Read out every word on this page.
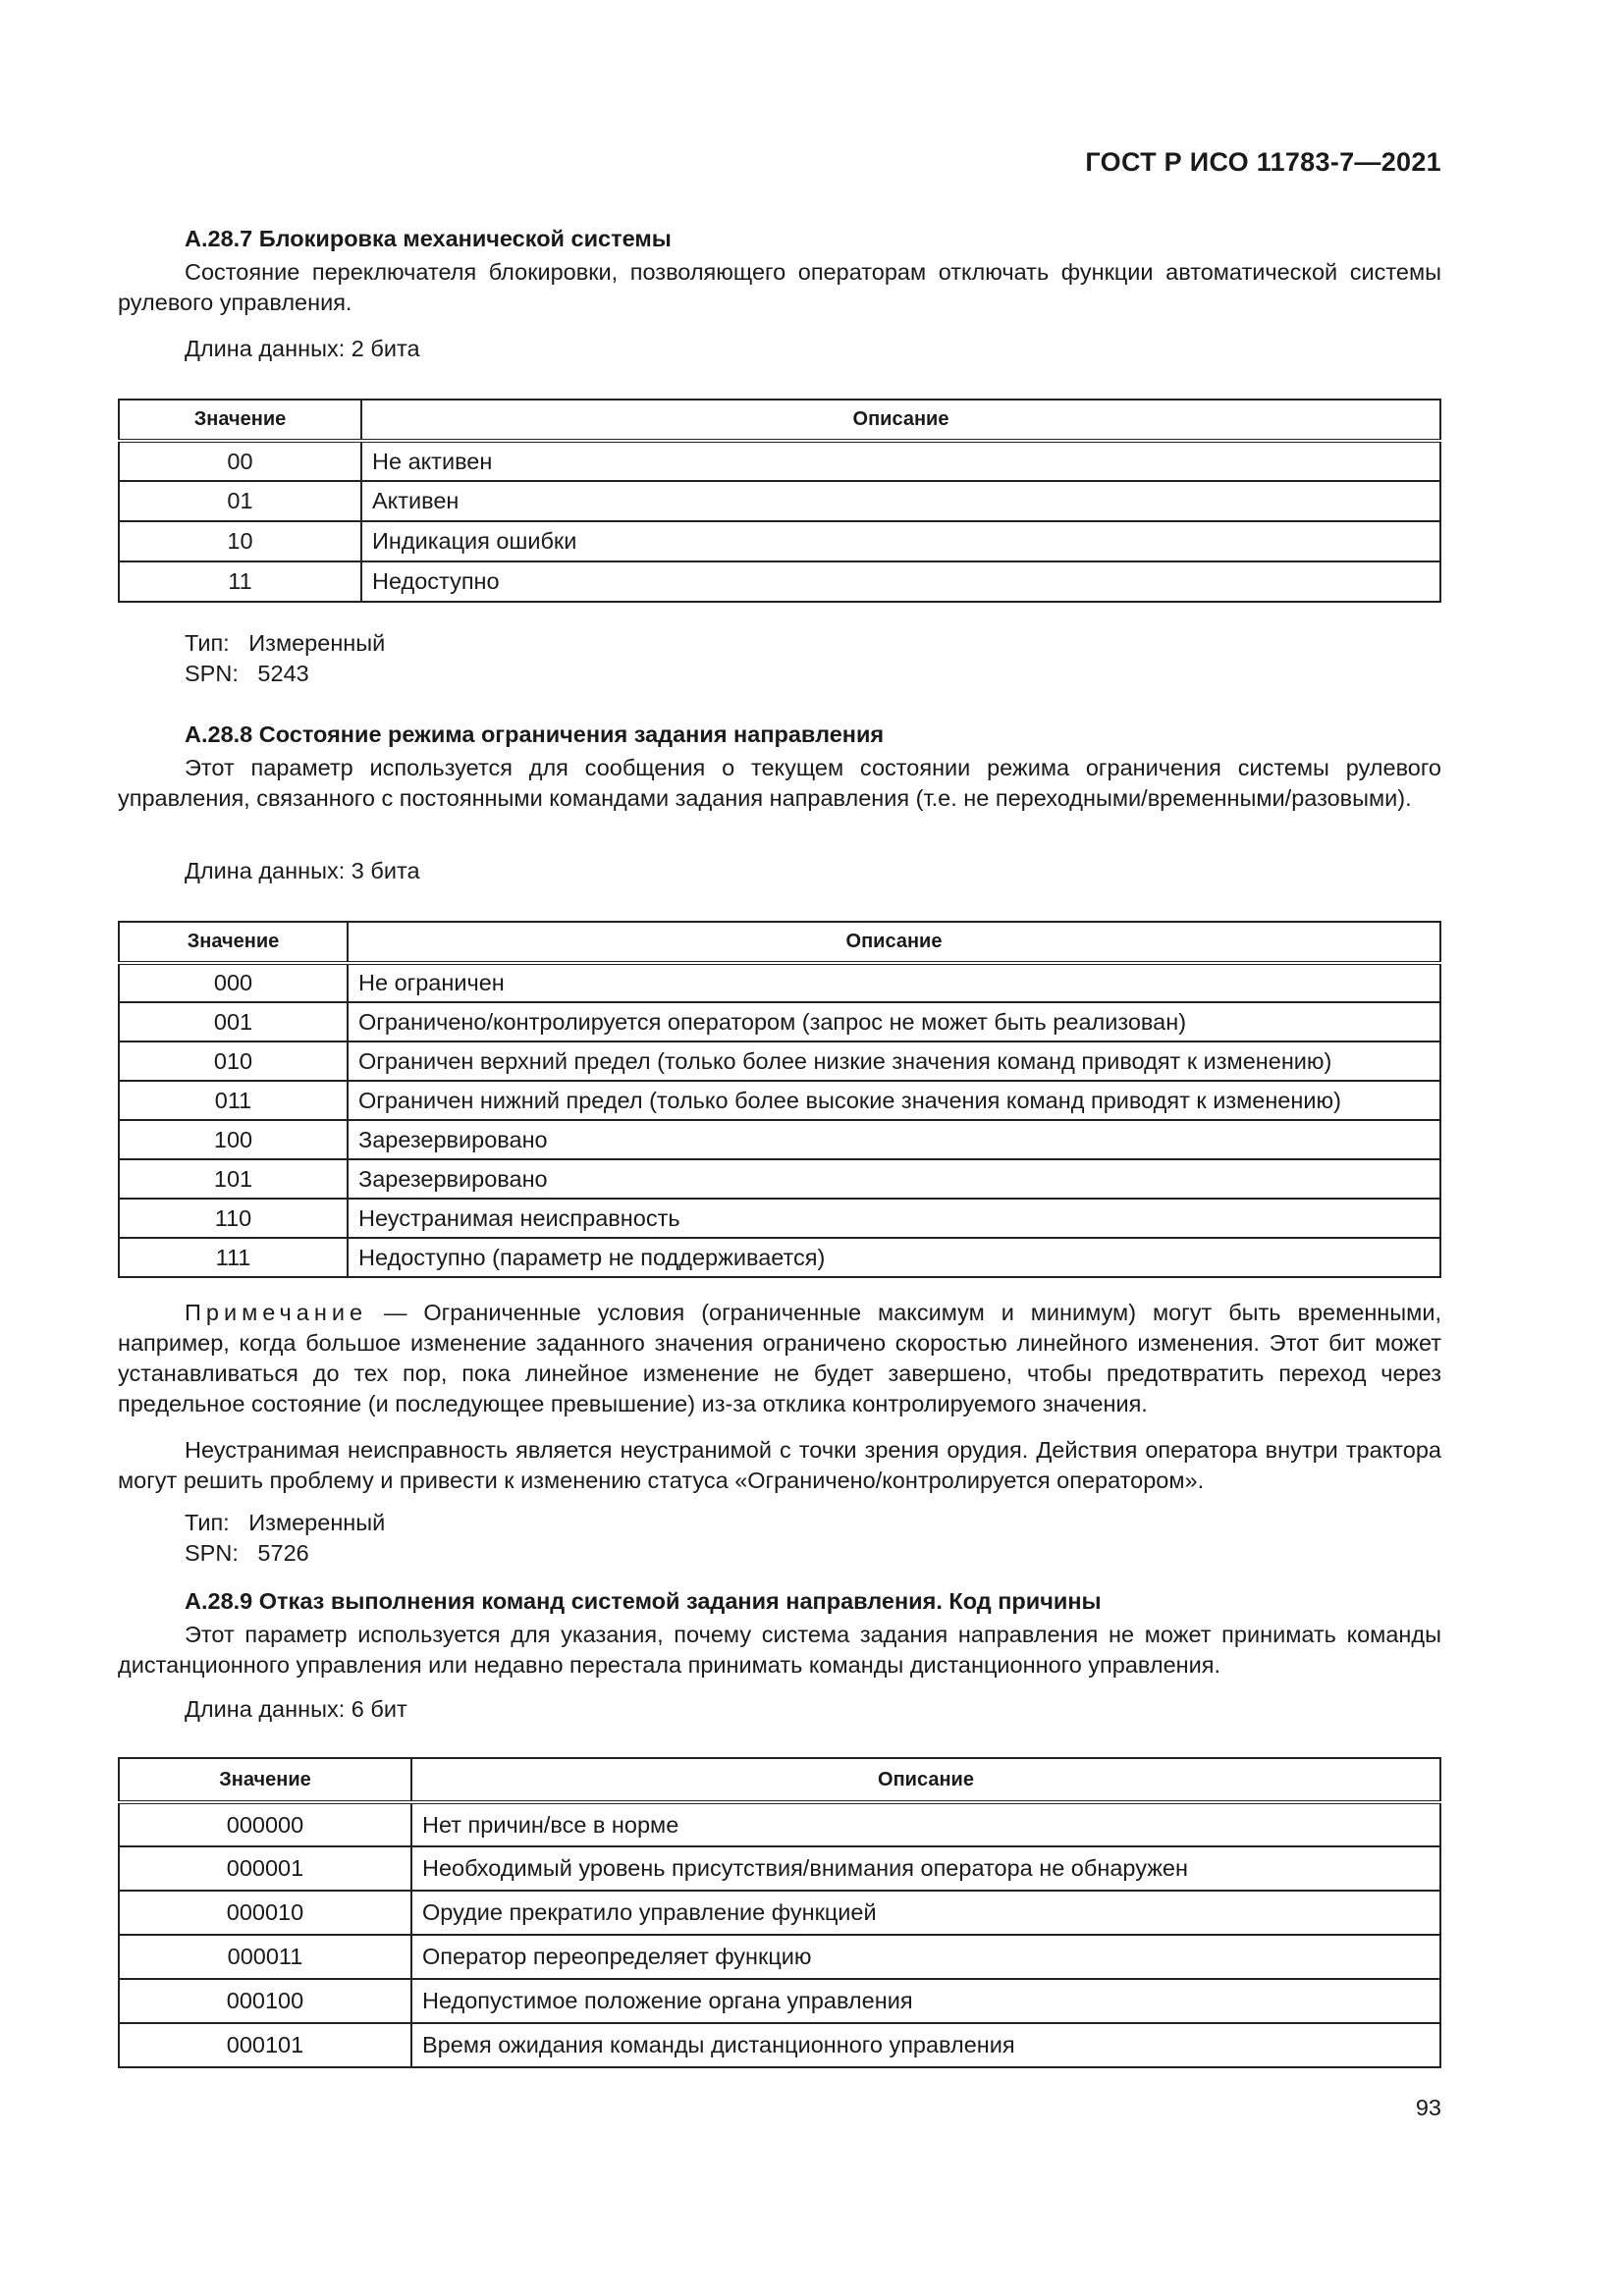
ГОСТ Р ИСО 11783-7—2021
А.28.7 Блокировка механической системы
Состояние переключателя блокировки, позволяющего операторам отключать функции автоматической системы рулевого управления.
Длина данных: 2 бита
Значение	Описание
00	Не активен
01	Активен
10	Индикация ошибки
11	Недоступно
Тип:   Измеренный
SPN:   5243
А.28.8 Состояние режима ограничения задания направления
Этот параметр используется для сообщения о текущем состоянии режима ограничения системы рулевого управления, связанного с постоянными командами задания направления (т.е. не переходными/временными/разовыми).
Длина данных: 3 бита
Значение	Описание
000	Не ограничен
001	Ограничено/контролируется оператором (запрос не может быть реализован)
010	Ограничен верхний предел (только более низкие значения команд приводят к изменению)
011	Ограничен нижний предел (только более высокие значения команд приводят к изменению)
100	Зарезервировано
101	Зарезервировано
110	Неустранимая неисправность
111	Недоступно (параметр не поддерживается)
Примечание — Ограниченные условия (ограниченные максимум и минимум) могут быть временными, например, когда большое изменение заданного значения ограничено скоростью линейного изменения. Этот бит может устанавливаться до тех пор, пока линейное изменение не будет завершено, чтобы предотвратить переход через предельное состояние (и последующее превышение) из-за отклика контролируемого значения.
Неустранимая неисправность является неустранимой с точки зрения орудия. Действия оператора внутри трактора могут решить проблему и привести к изменению статуса «Ограничено/контролируется оператором».
Тип:   Измеренный
SPN:   5726
А.28.9 Отказ выполнения команд системой задания направления. Код причины
Этот параметр используется для указания, почему система задания направления не может принимать команды дистанционного управления или недавно перестала принимать команды дистанционного управления.
Длина данных: 6 бит
Значение	Описание
000000	Нет причин/все в норме
000001	Необходимый уровень присутствия/внимания оператора не обнаружен
000010	Орудие прекратило управление функцией
000011	Оператор переопределяет функцию
000100	Недопустимое положение органа управления
000101	Время ожидания команды дистанционного управления
93
